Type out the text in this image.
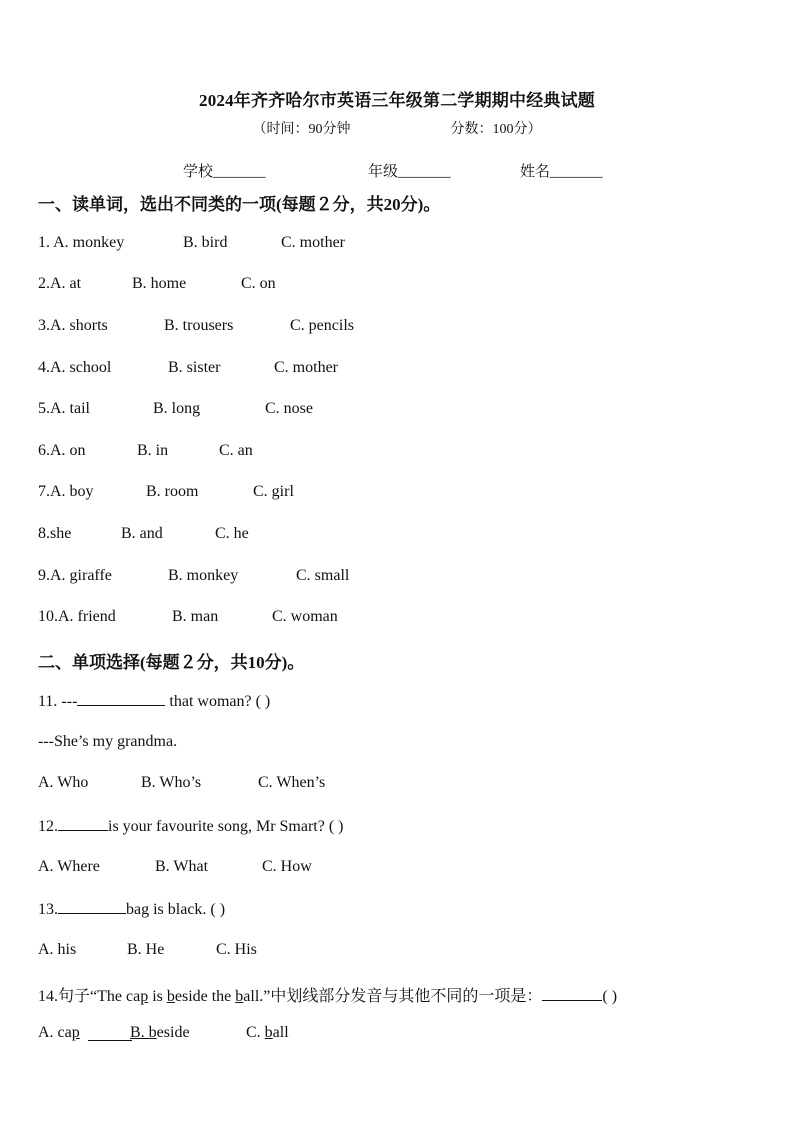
2024年齐齐哈尔市英语三年级第二学期期中经典试题
（时间：90分钟	分数：100分）
学校_______	年级_______	姓名_______
一、读单词，选出不同类的一项(每题２分，共20分)。
1. A. monkey	B. bird	C. mother
2.A. at	B. home	C. on
3.A. shorts	B. trousers	C. pencils
4.A. school	B. sister	C. mother
5.A. tail	B. long	C. nose
6.A. on	B. in	C. an
7.A. boy	B. room	C. girl
8.she	B. and	C. he
9.A. giraffe	B. monkey	C. small
10.A. friend	B. man	C. woman
二、单项选择(每题２分，共10分)。
11. ---	that woman? ( )
---She’s my grandma.
A. Who	B. Who’s	C. When’s
12.	is your favourite song, Mr Smart? ( )
A. Where	B. What	C. How
13.	bag is black. ( )
A. his	B. He	C. His
14.句子“The cap is beside the ball.”中划线部分发音与其他不同的一项是：	( )
A. cap	B. beside	C. ball
